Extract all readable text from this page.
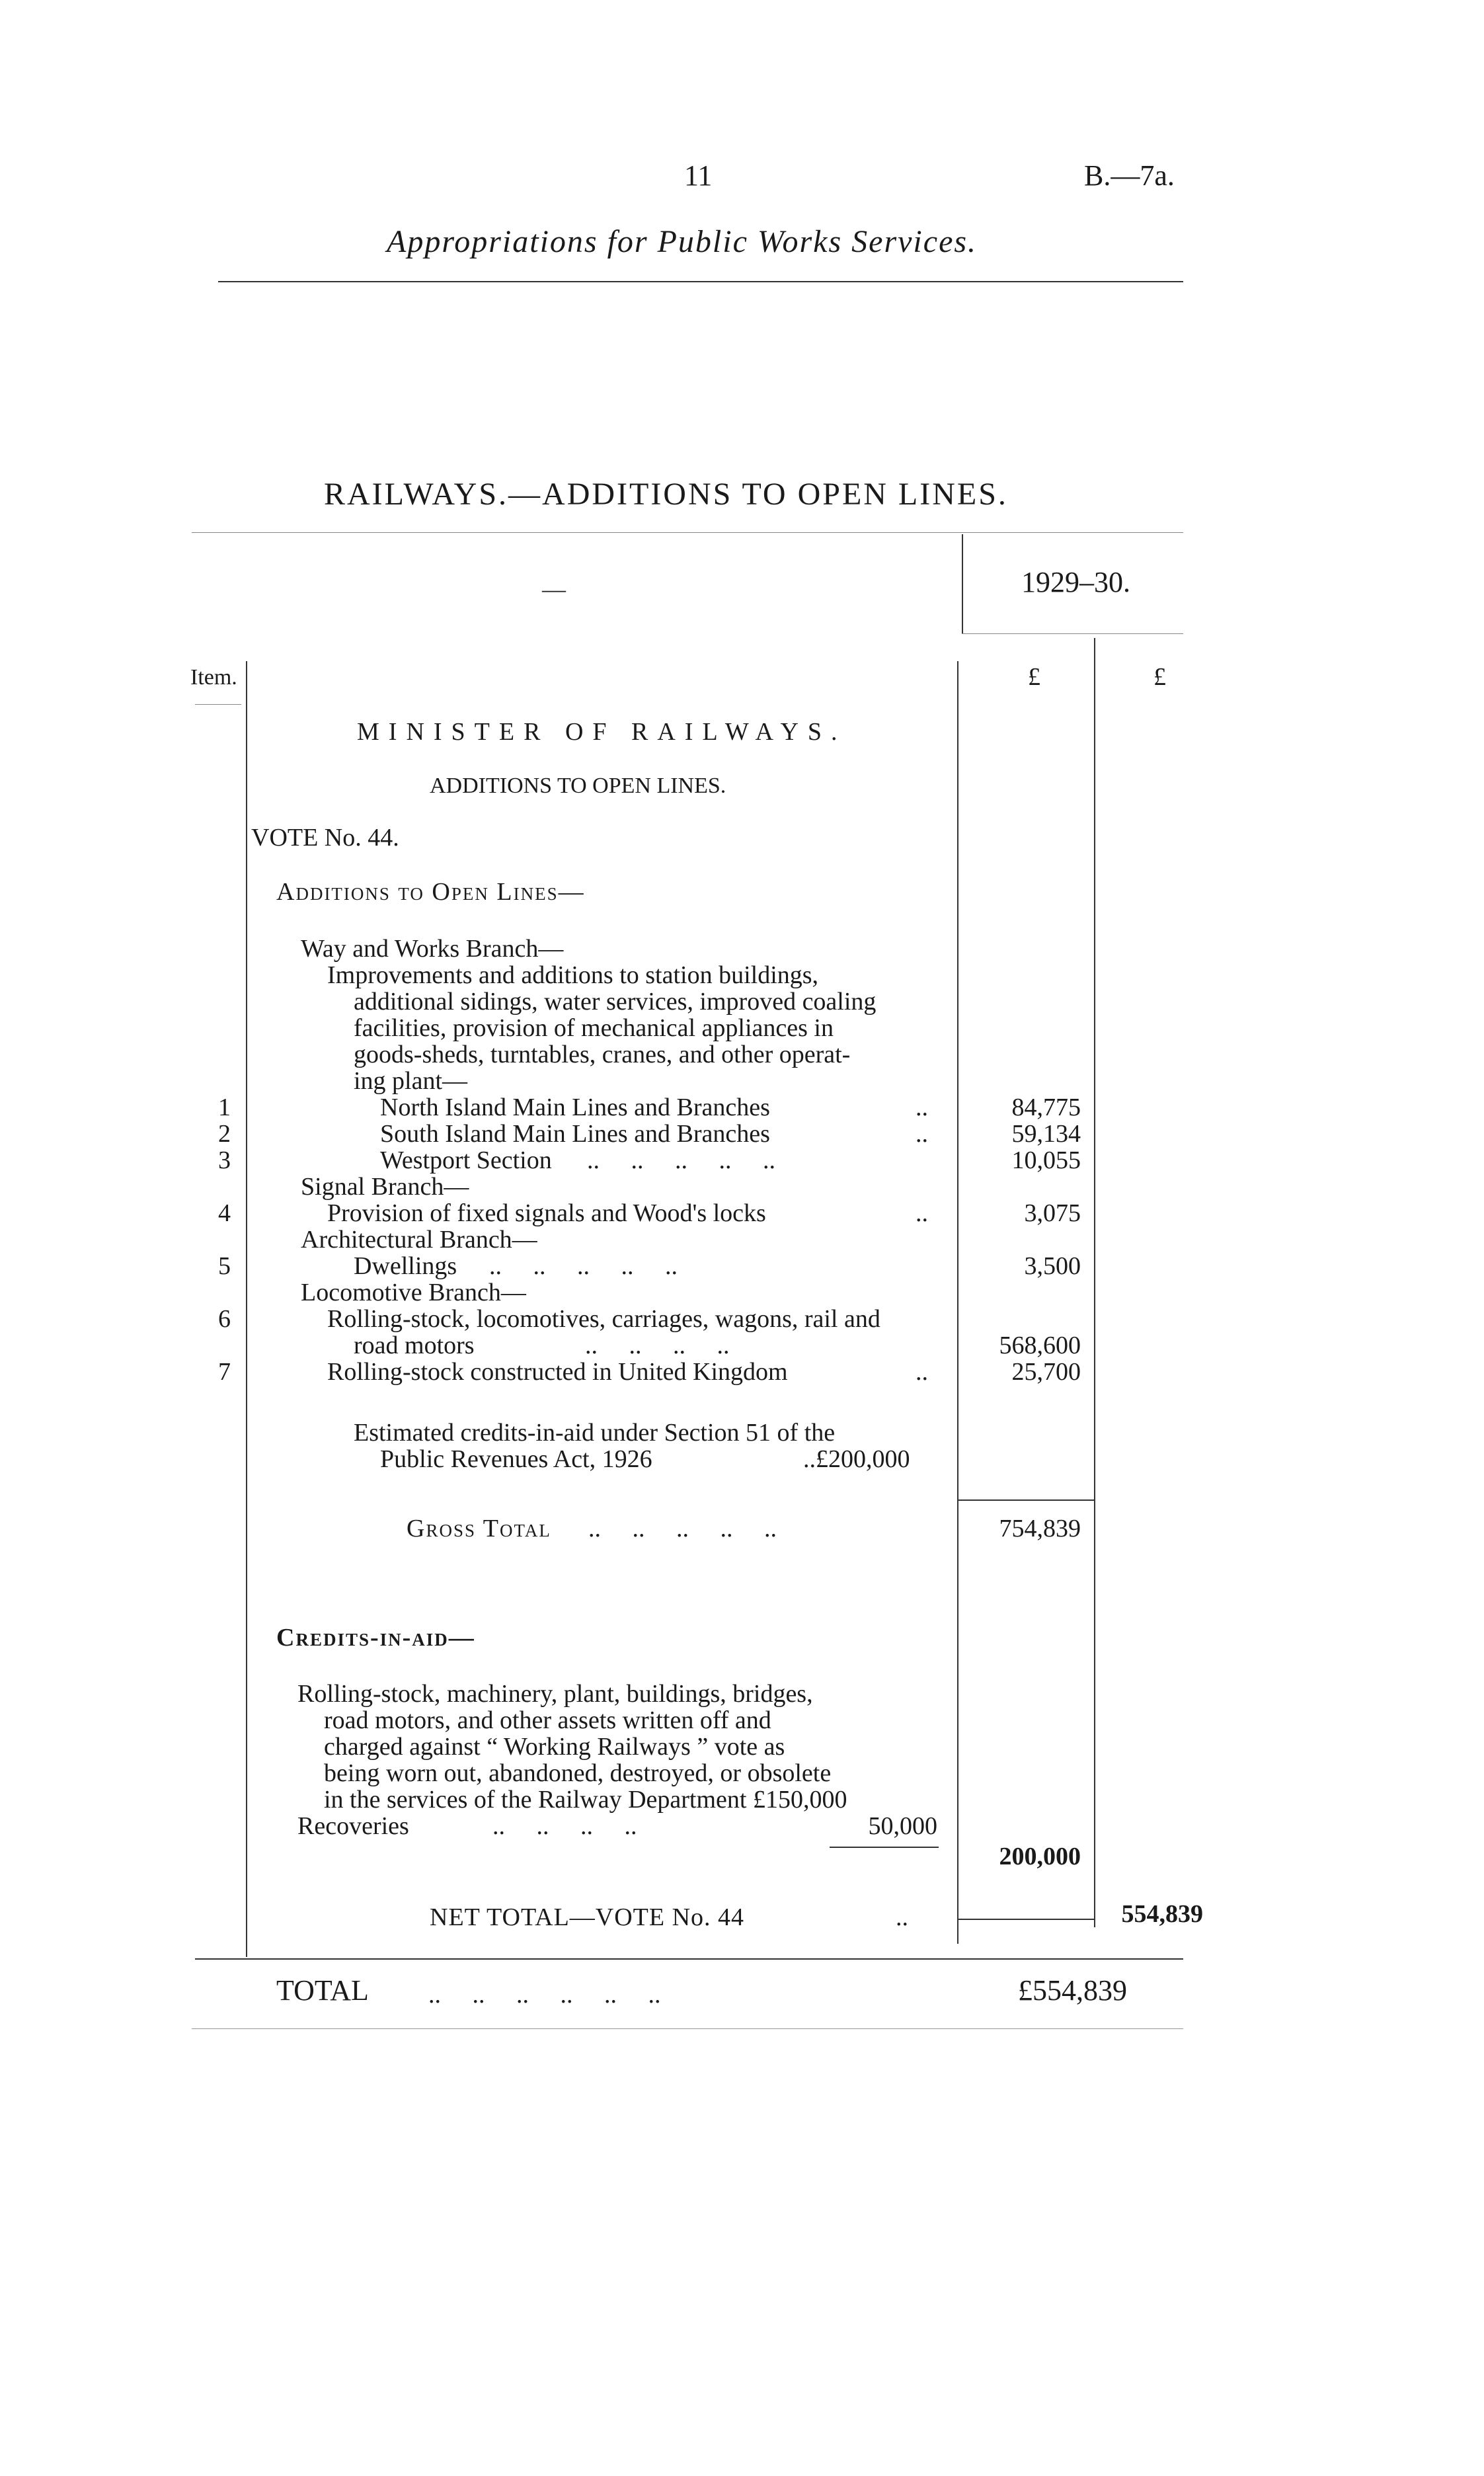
11	B.—7a.
Appropriations for Public Works Services.
RAILWAYS.—ADDITIONS TO OPEN LINES.
—	1929–30.
Item.	£	£
MINISTER OF RAILWAYS.
ADDITIONS TO OPEN LINES.
VOTE No. 44.
Additions to Open Lines—
Way and Works Branch—
Improvements and additions to station buildings,
additional sidings, water services, improved coaling
facilities, provision of mechanical appliances in
goods-sheds, turntables, cranes, and other operat-
ing plant—
1	North Island Main Lines and Branches	..	84,775
2	South Island Main Lines and Branches	..	59,134
3	Westport Section ..     ..     ..     ..     ..	10,055
Signal Branch—
4	Provision of fixed signals and Wood's locks	..	3,075
Architectural Branch—
5	Dwellings ..     ..     ..     ..     ..	3,500
Locomotive Branch—
6	Rolling-stock, locomotives, carriages, wagons, rail and
road motors	..     ..     ..     ..	568,600
7	Rolling-stock constructed in United Kingdom	..	25,700
Estimated credits-in-aid under Section 51 of the
Public Revenues Act, 1926	..£200,000
Gross Total ..     ..     ..     ..     ..	754,839
Credits-in-aid—
Rolling-stock, machinery, plant, buildings, bridges,
road motors, and other assets written off and
charged against “ Working Railways ” vote as
being worn out, abandoned, destroyed, or obsolete
in the services of the Railway Department £150,000
Recoveries	..     ..     ..     ..	50,000
200,000
NET TOTAL—VOTE No. 44	..	554,839
TOTAL ..     ..     ..     ..     ..     ..	£554,839
